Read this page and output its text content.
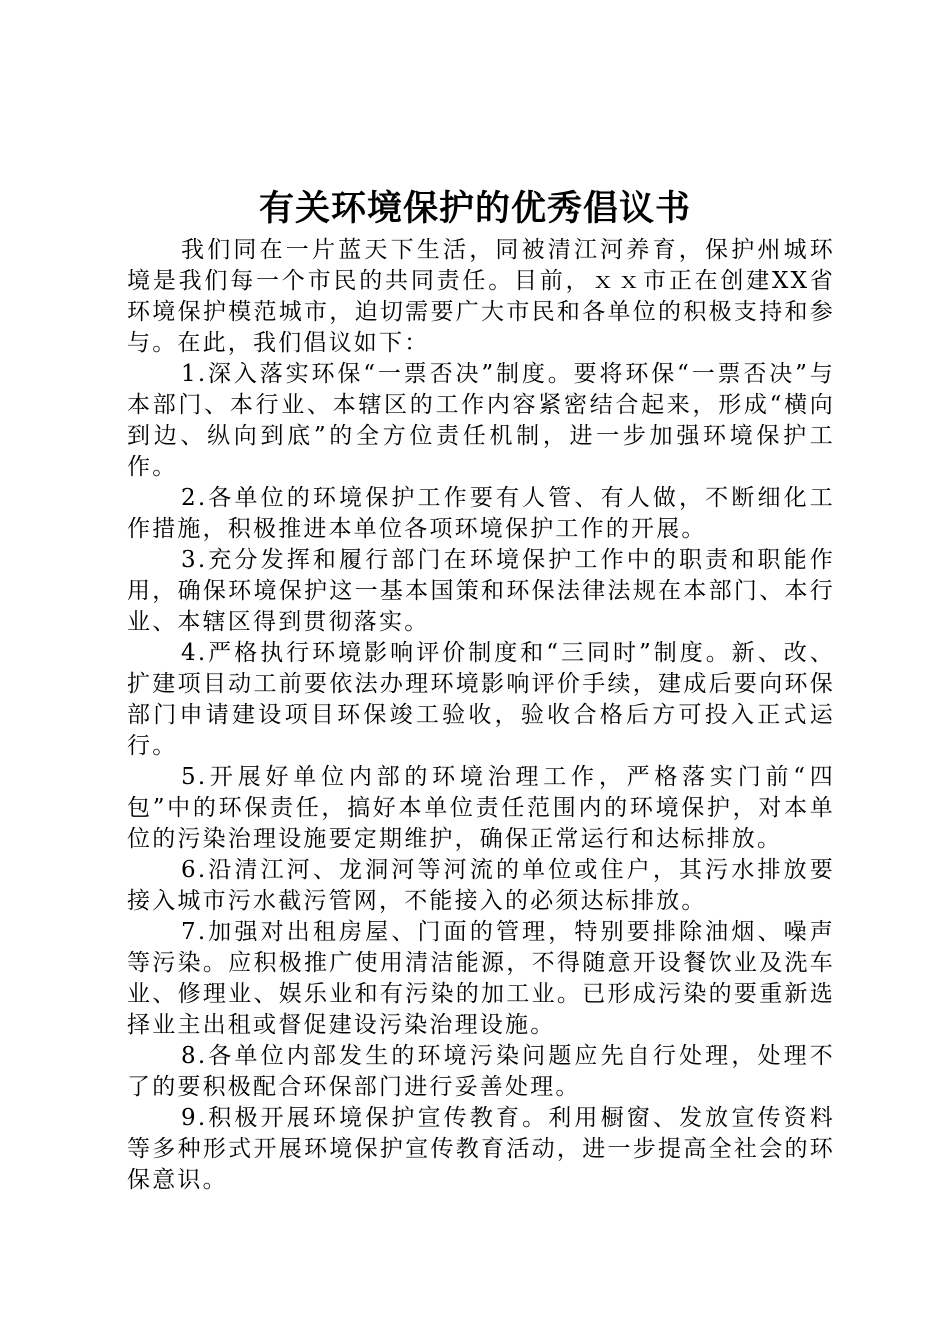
有关环境保护的优秀倡议书

我们同在一片蓝天下生活，同被清江河养育，保护州城环境是我们每一个市民的共同责任。目前，ｘｘ市正在创建XX省环境保护模范城市，迫切需要广大市民和各单位的积极支持和参与。在此，我们倡议如下：

1.深入落实环保“一票否决”制度。要将环保“一票否决”与本部门、本行业、本辖区的工作内容紧密结合起来，形成“横向到边、纵向到底”的全方位责任机制，进一步加强环境保护工作。

2.各单位的环境保护工作要有人管、有人做，不断细化工作措施，积极推进本单位各项环境保护工作的开展。

3.充分发挥和履行部门在环境保护工作中的职责和职能作用，确保环境保护这一基本国策和环保法律法规在本部门、本行业、本辖区得到贯彻落实。

4.严格执行环境影响评价制度和“三同时”制度。新、改、扩建项目动工前要依法办理环境影响评价手续，建成后要向环保部门申请建设项目环保竣工验收，验收合格后方可投入正式运行。

5.开展好单位内部的环境治理工作，严格落实门前“四包”中的环保责任，搞好本单位责任范围内的环境保护，对本单位的污染治理设施要定期维护，确保正常运行和达标排放。

6.沿清江河、龙洞河等河流的单位或住户，其污水排放要接入城市污水截污管网，不能接入的必须达标排放。

7.加强对出租房屋、门面的管理，特别要排除油烟、噪声等污染。应积极推广使用清洁能源，不得随意开设餐饮业及洗车业、修理业、娱乐业和有污染的加工业。已形成污染的要重新选择业主出租或督促建设污染治理设施。

8.各单位内部发生的环境污染问题应先自行处理，处理不了的要积极配合环保部门进行妥善处理。

9.积极开展环境保护宣传教育。利用橱窗、发放宣传资料等多种形式开展环境保护宣传教育活动，进一步提高全社会的环保意识。
